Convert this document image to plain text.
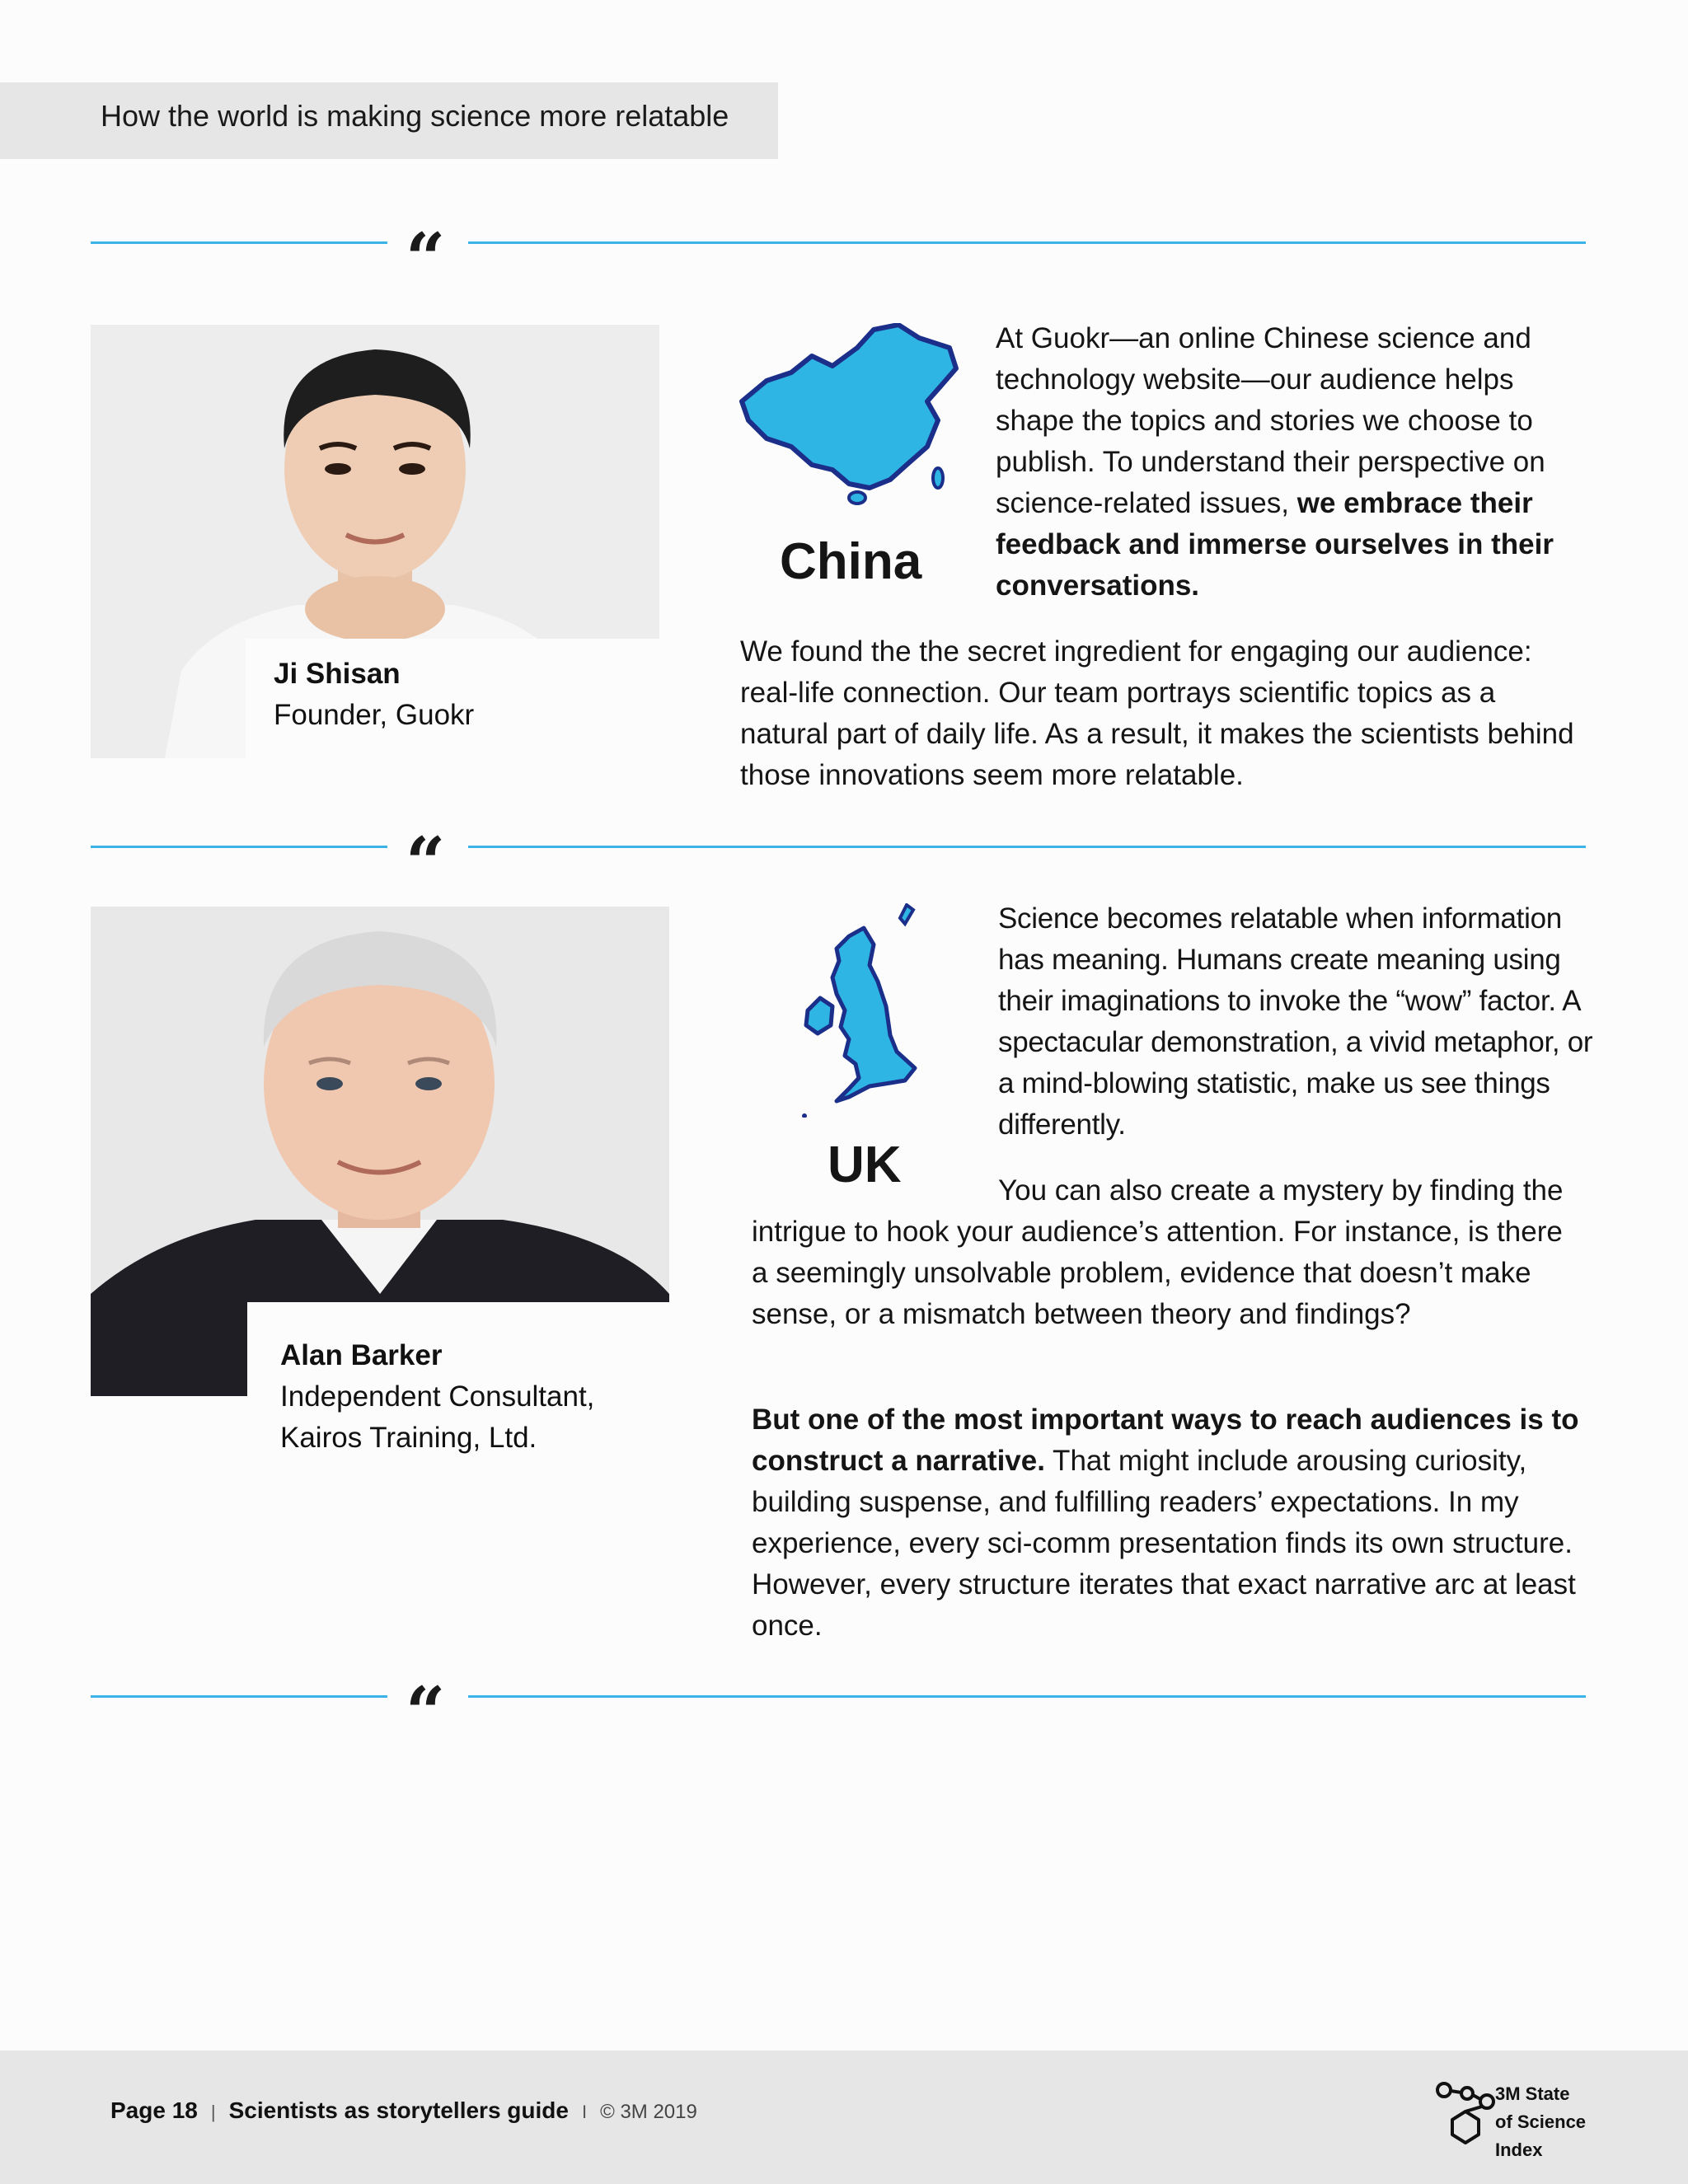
How the world is making science more relatable
“

Ji Shisan

Founder, Guokr

China

At Guokr—an online Chinese science and technology website—our audience helps shape the topics and stories we choose to publish. To understand their perspective on science-related issues, we embrace their feedback and immerse ourselves in their conversations.

We found the the secret ingredient for engaging our audience: real-life connection. Our team portrays scientific topics as a natural part of daily life. As a result, it makes the scientists behind those innovations seem more relatable.

“

Alan Barker

Independent Consultant,

Kairos Training, Ltd.

UK

Science becomes relatable when information has meaning. Humans create meaning using their imaginations to invoke the “wow” factor. A spectacular demonstration, a vivid metaphor, or a mind-blowing statistic, make us see things differently.

You can also create a mystery by finding the intrigue to hook your audience’s attention. For instance, is there a seemingly unsolvable problem, evidence that doesn’t make sense, or a mismatch between theory and findings?

But one of the most important ways to reach audiences is to construct a narrative. That might include arousing curiosity, building suspense, and fulfilling readers’ expectations. In my experience, every sci-comm presentation finds its own structure. However, every structure iterates that exact narrative arc at least once.

“
Page 18 | Scientists as storytellers guide I © 3M 2019
3M State
of Science
Index
